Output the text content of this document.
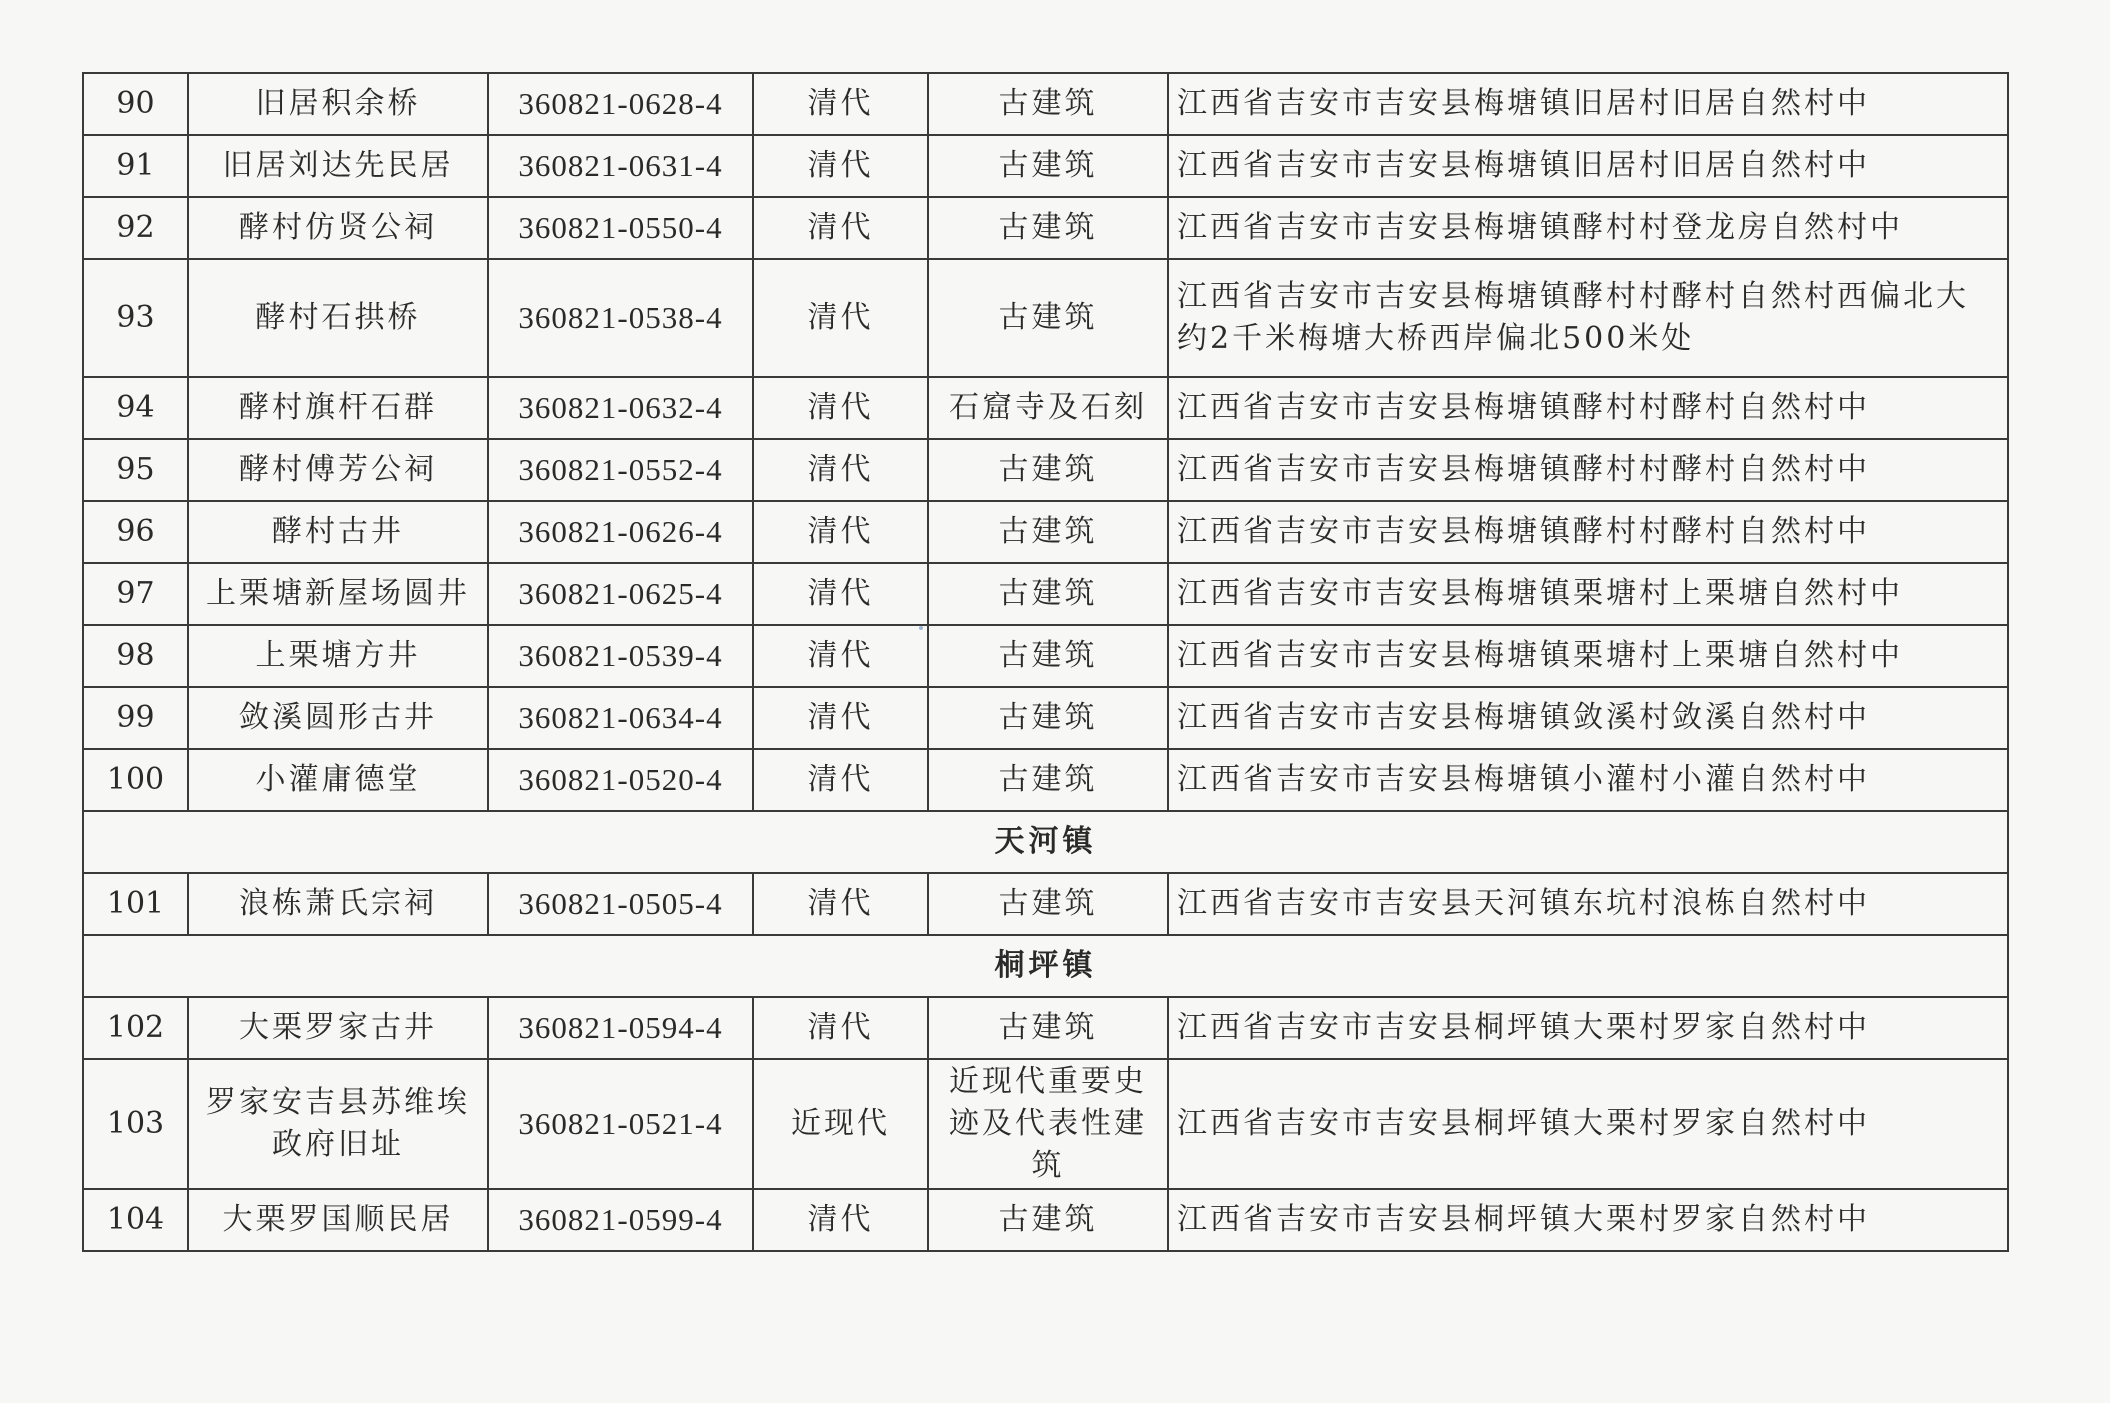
90	旧居积余桥	360821-0628-4	清代	古建筑	江西省吉安市吉安县梅塘镇旧居村旧居自然村中
91	旧居刘达先民居	360821-0631-4	清代	古建筑	江西省吉安市吉安县梅塘镇旧居村旧居自然村中
92	酵村仿贤公祠	360821-0550-4	清代	古建筑	江西省吉安市吉安县梅塘镇酵村村登龙房自然村中
93	酵村石拱桥	360821-0538-4	清代	古建筑	江西省吉安市吉安县梅塘镇酵村村酵村自然村西偏北大约2千米梅塘大桥西岸偏北500米处
94	酵村旗杆石群	360821-0632-4	清代	石窟寺及石刻	江西省吉安市吉安县梅塘镇酵村村酵村自然村中
95	酵村傅芳公祠	360821-0552-4	清代	古建筑	江西省吉安市吉安县梅塘镇酵村村酵村自然村中
96	酵村古井	360821-0626-4	清代	古建筑	江西省吉安市吉安县梅塘镇酵村村酵村自然村中
97	上栗塘新屋场圆井	360821-0625-4	清代	古建筑	江西省吉安市吉安县梅塘镇栗塘村上栗塘自然村中
98	上栗塘方井	360821-0539-4	清代	古建筑	江西省吉安市吉安县梅塘镇栗塘村上栗塘自然村中
99	敛溪圆形古井	360821-0634-4	清代	古建筑	江西省吉安市吉安县梅塘镇敛溪村敛溪自然村中
100	小灌庸德堂	360821-0520-4	清代	古建筑	江西省吉安市吉安县梅塘镇小灌村小灌自然村中
天河镇					
101	浪栋萧氏宗祠	360821-0505-4	清代	古建筑	江西省吉安市吉安县天河镇东坑村浪栋自然村中
桐坪镇					
102	大栗罗家古井	360821-0594-4	清代	古建筑	江西省吉安市吉安县桐坪镇大栗村罗家自然村中
103	罗家安吉县苏维埃政府旧址	360821-0521-4	近现代	近现代重要史迹及代表性建筑	江西省吉安市吉安县桐坪镇大栗村罗家自然村中
104	大栗罗国顺民居	360821-0599-4	清代	古建筑	江西省吉安市吉安县桐坪镇大栗村罗家自然村中
